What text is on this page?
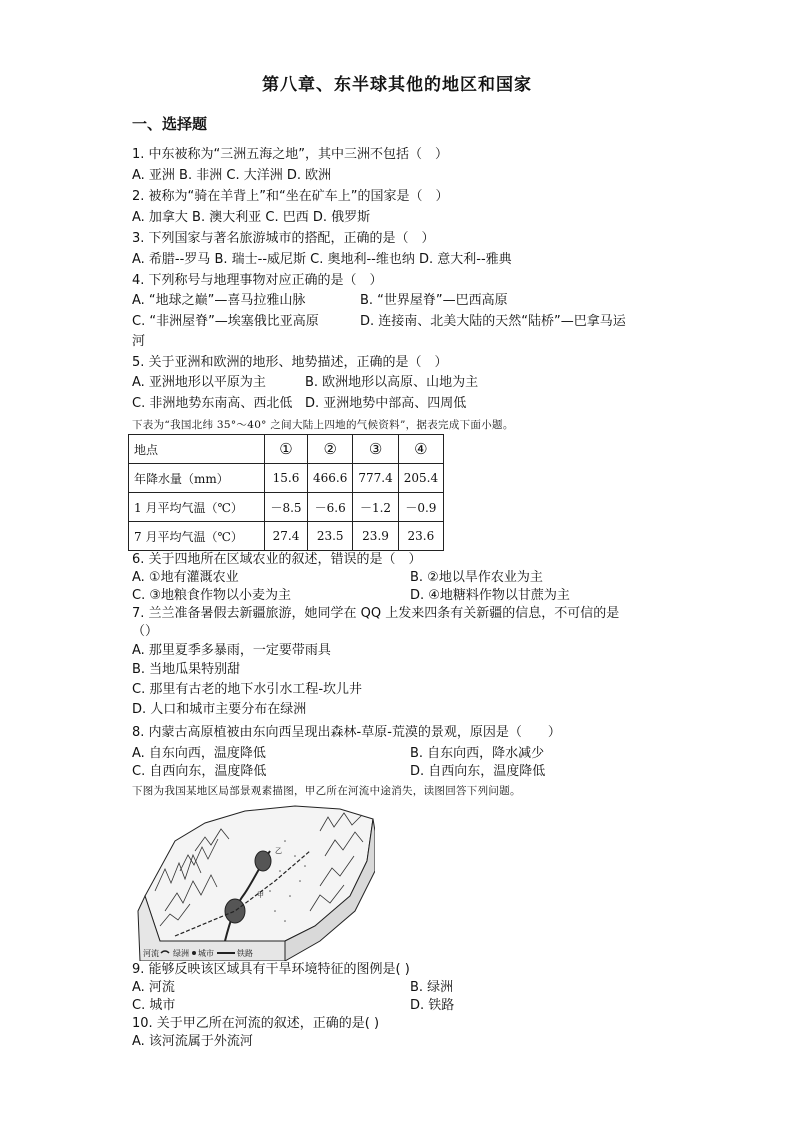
第八章、东半球其他的地区和国家
一、选择题
1. 中东被称为“三洲五海之地”，其中三洲不包括（　）
A. 亚洲 B. 非洲 C. 大洋洲 D. 欧洲
2. 被称为“骑在羊背上”和“坐在矿车上”的国家是（　）
A. 加拿大 B. 澳大利亚 C. 巴西 D. 俄罗斯
3. 下列国家与著名旅游城市的搭配，正确的是（　）
A. 希腊--罗马 B. 瑞士--威尼斯 C. 奥地利--维也纳 D. 意大利--雅典
4. 下列称号与地理事物对应正确的是（　）
A. “地球之巅”—喜马拉雅山脉	B. “世界屋脊”—巴西高原
C. “非洲屋脊”—埃塞俄比亚高原	D. 连接南、北美大陆的天然“陆桥”—巴拿马运
河
5. 关于亚洲和欧洲的地形、地势描述，正确的是（　）
A. 亚洲地形以平原为主	B. 欧洲地形以高原、山地为主
C. 非洲地势东南高、西北低 D. 亚洲地势中部高、四周低
下表为“我国北纬 35°～40° 之间大陆上四地的气候资料”，据表完成下面小题。
地点	①	②	③	④
年降水量（mm）	15.6	466.6	777.4	205.4
1 月平均气温（℃）	－8.5	－6.6	－1.2	－0.9
7 月平均气温（℃）	27.4	23.5	23.9	23.6
6. 关于四地所在区域农业的叙述，错误的是（　）
A. ①地有灌溉农业	B. ②地以旱作农业为主
C. ③地粮食作物以小麦为主	D. ④地糖料作物以甘蔗为主
7. 兰兰准备暑假去新疆旅游，她同学在 QQ 上发来四条有关新疆的信息，不可信的是
（）
A. 那里夏季多暴雨，一定要带雨具
B. 当地瓜果特别甜
C. 那里有古老的地下水引水工程-坎儿井
D. 人口和城市主要分布在绿洲
8. 内蒙古高原植被由东向西呈现出森林-草原-荒漠的景观，原因是（　　）
A. 自东向西，温度降低	B. 自东向西，降水减少
C. 自西向东，温度降低	D. 自西向东，温度降低
下图为我国某地区局部景观素描图，甲乙所在河流中途消失，读图回答下列问题。
甲
乙
河流 绿洲 城市	铁路
9. 能够反映该区域具有干旱环境特征的图例是( )
A. 河流	B. 绿洲
C. 城市	D. 铁路
10. 关于甲乙所在河流的叙述，正确的是( )
A. 该河流属于外流河
